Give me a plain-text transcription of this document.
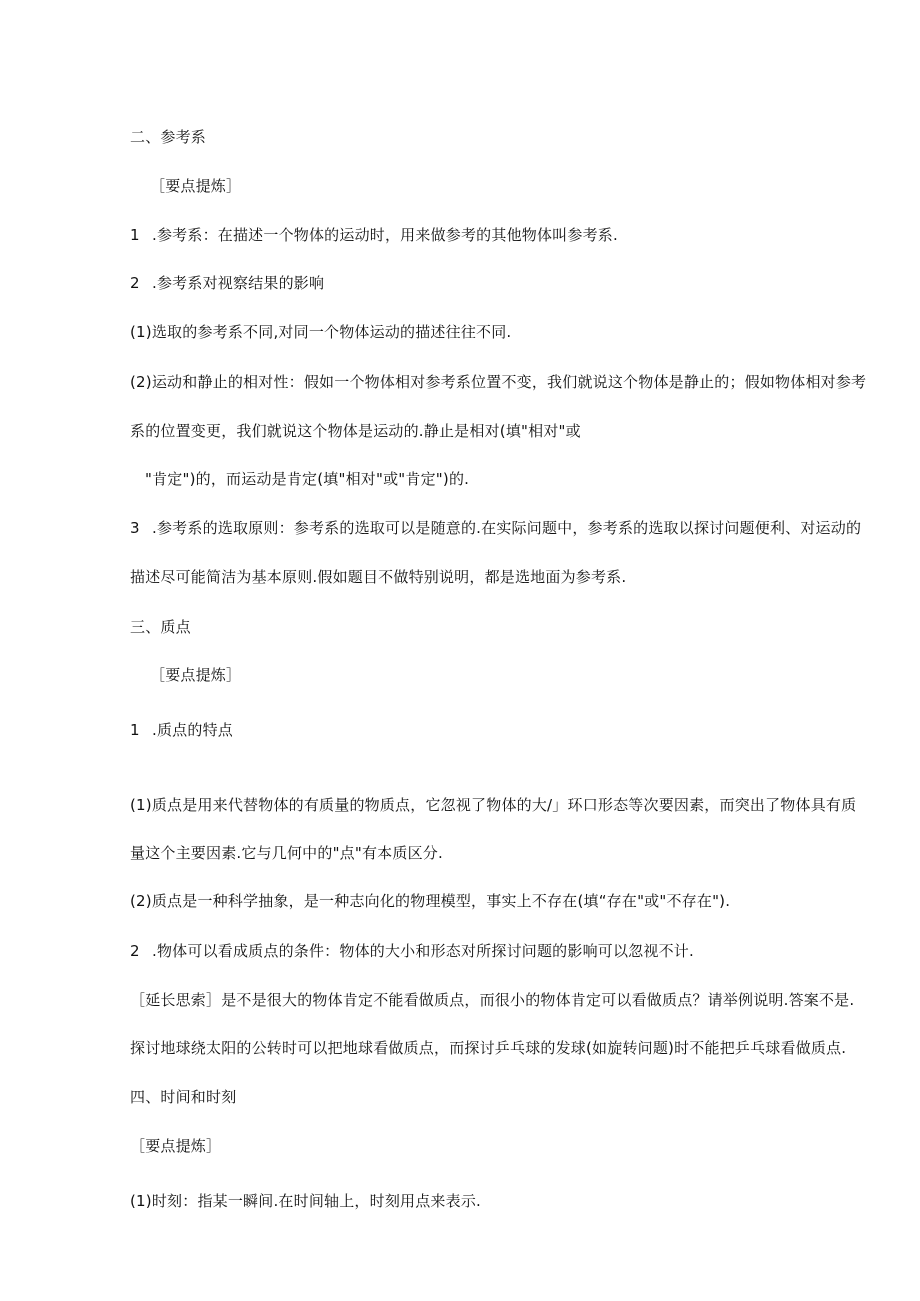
二、参考系
［要点提炼］
1 .参考系：在描述一个物体的运动时，用来做参考的其他物体叫参考系.
2 .参考系对视察结果的影响
(1)选取的参考系不同,对同一个物体运动的描述往往不同.
(2)运动和静止的相对性：假如一个物体相对参考系位置不变，我们就说这个物体是静止的；假如物体相对参考
系的位置变更，我们就说这个物体是运动的.静止是相对(填"相对"或
"肯定")的，而运动是肯定(填"相对"或"肯定")的.
3 .参考系的选取原则：参考系的选取可以是随意的.在实际问题中，参考系的选取以探讨问题便利、对运动的
描述尽可能简洁为基本原则.假如题目不做特别说明，都是选地面为参考系.
三、质点
［要点提炼］
1 .质点的特点
(1)质点是用来代替物体的有质量的物质点，它忽视了物体的大/」环口形态等次要因素，而突出了物体具有质
量这个主要因素.它与几何中的"点"有本质区分.
(2)质点是一种科学抽象，是一种志向化的物理模型，事实上不存在(填“存在"或"不存在").
2 .物体可以看成质点的条件：物体的大小和形态对所探讨问题的影响可以忽视不计.
［延长思索］是不是很大的物体肯定不能看做质点，而很小的物体肯定可以看做质点？请举例说明.答案不是.
探讨地球绕太阳的公转时可以把地球看做质点，而探讨乒乓球的发球(如旋转问题)时不能把乒乓球看做质点.
四、时间和时刻
［要点提炼］
(1)时刻：指某一瞬间.在时间轴上，时刻用点来表示.
